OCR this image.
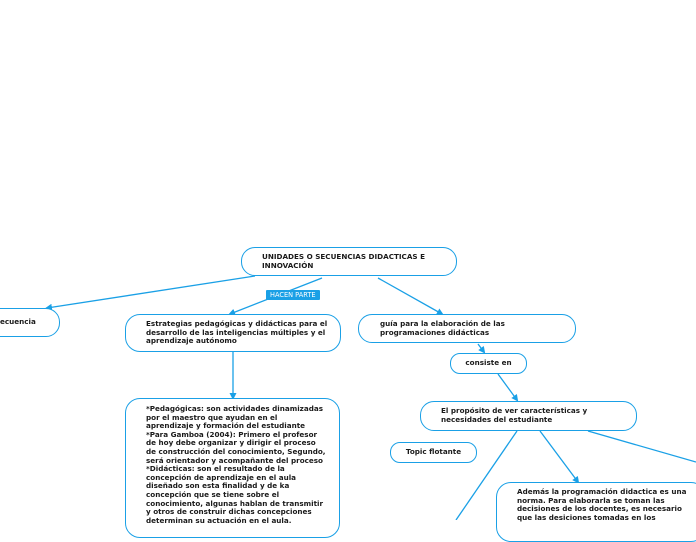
UNIDADES O SECUENCIAS DIDACTICAS E
INNOVACIÓN
HACEN PARTE
ecuencia	Estrategias pedagógicas y didácticas para el
desarrollo de las inteligencias múltiples y el
aprendizaje autónomo
guía para la elaboración de las
programaciones didácticas
consiste en
El propósito de ver características y
necesidades del estudiante
Topic flotante
*Pedagógicas: son actividades dinamizadas
por el maestro que ayudan en el
aprendizaje y formación del estudiante
*Para Gamboa (2004): Primero el profesor
de hoy debe organizar y dirigir el proceso
de construcción del conocimiento, Segundo,
será orientador y acompañante del proceso
*Didácticas: son el resultado de la
concepción de aprendizaje en el aula
diseñado son esta finalidad y de ka
concepción que se tiene sobre el
conocimiento, algunas hablan de transmitir
y otros de construir dichas concepciones
determinan su actuación en el aula.
Además la programación didactica es una
norma. Para elaborarla se toman las
decisiones de los docentes, es necesario
que las desiciones tomadas en los
